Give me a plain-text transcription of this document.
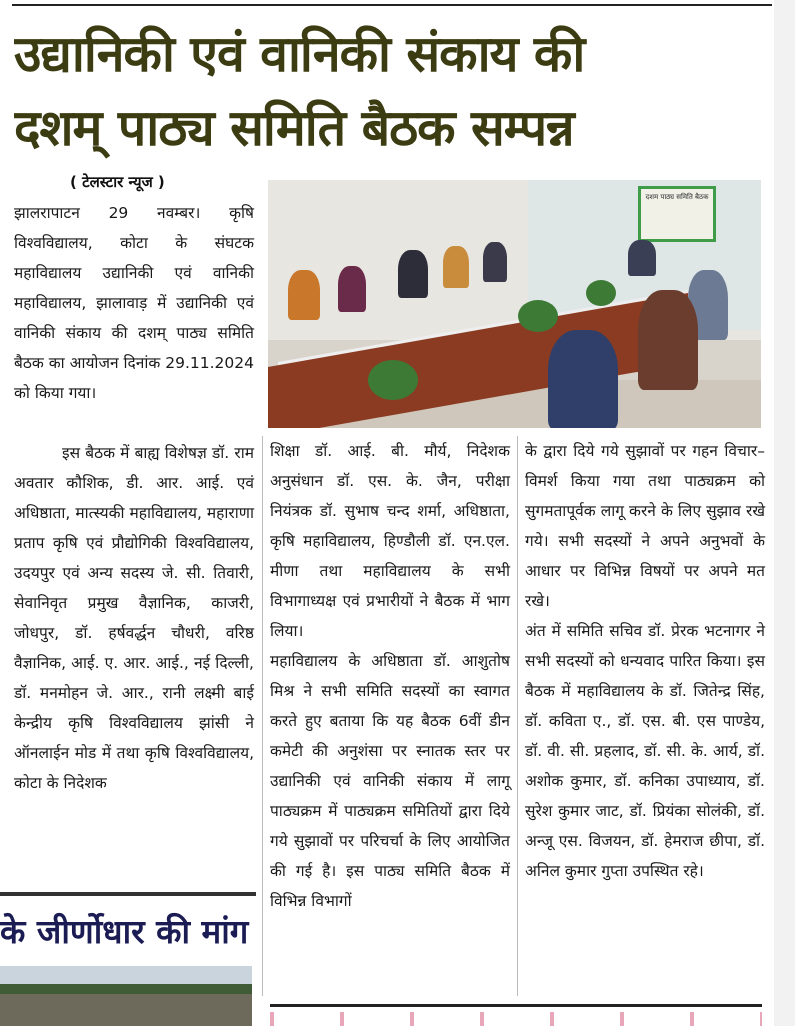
उद्यानिकी एवं वानिकी संकाय की
दशम् पाठ्य समिति बैठक सम्पन्न
( टेलस्टार न्यूज )

झालरापाटन 29 नवम्बर। कृषि विश्वविद्यालय, कोटा के संघटक महाविद्यालय उद्यानिकी एवं वानिकी महाविद्यालय, झालावाड़ में उद्यानिकी एवं वानिकी संकाय की दशम् पाठ्य समिति बैठक का आयोजन दिनांक 29.11.2024 को किया गया।

दशम पाठ्य समिति बैठक

इस बैठक में बाह्य विशेषज्ञ डॉ. राम अवतार कौशिक, डी. आर. आई. एवं अधिष्ठाता, मात्स्यकी महाविद्यालय, महाराणा प्रताप कृषि एवं प्रौद्योगिकी विश्वविद्यालय, उदयपुर एवं अन्य सदस्य जे. सी. तिवारी, सेवानिवृत प्रमुख वैज्ञानिक, काजरी, जोधपुर, डॉ. हर्षवर्द्धन चौधरी, वरिष्ठ वैज्ञानिक, आई. ए. आर. आई., नई दिल्ली, डॉ. मनमोहन जे. आर., रानी लक्ष्मी बाई केन्द्रीय कृषि विश्वविद्यालय झांसी ने ऑनलाईन मोड में तथा कृषि विश्वविद्यालय, कोटा के निदेशक

शिक्षा डॉ. आई. बी. मौर्य, निदेशक अनुसंधान डॉ. एस. के. जैन, परीक्षा नियंत्रक डॉ. सुभाष चन्द शर्मा, अधिष्ठाता, कृषि महाविद्यालय, हिण्डौली डॉ. एन.एल. मीणा तथा महाविद्यालय के सभी विभागाध्यक्ष एवं प्रभारीयों ने बैठक में भाग लिया।

महाविद्यालय के अधिष्ठाता डॉ. आशुतोष मिश्र ने सभी समिति सदस्यों का स्वागत करते हुए बताया कि यह बैठक 6वीं डीन कमेटी की अनुशंसा पर स्नातक स्तर पर उद्यानिकी एवं वानिकी संकाय में लागू पाठ्यक्रम में पाठ्यक्रम समितियों द्वारा दिये गये सुझावों पर परिचर्चा के लिए आयोजित की गई है। इस पाठ्य समिति बैठक में विभिन्न विभागों

के द्वारा दिये गये सुझावों पर गहन विचार–विमर्श किया गया तथा पाठ्यक्रम को सुगमतापूर्वक लागू करने के लिए सुझाव रखे गये। सभी सदस्यों ने अपने अनुभवों के आधार पर विभिन्न विषयों पर अपने मत रखे।

अंत में समिति सचिव डॉ. प्रेरक भटनागर ने सभी सदस्यों को धन्यवाद पारित किया। इस बैठक में महाविद्यालय के डॉ. जितेन्द्र सिंह, डॉ. कविता ए., डॉ. एस. बी. एस पाण्डेय, डॉ. वी. सी. प्रहलाद, डॉ. सी. के. आर्य, डॉ. अशोक कुमार, डॉ. कनिका उपाध्याय, डॉ. सुरेश कुमार जाट, डॉ. प्रियंका सोलंकी, डॉ. अन्जू एस. विजयन, डॉ. हेमराज छीपा, डॉ. अनिल कुमार गुप्ता उपस्थित रहे।

के जीर्णोधार की मांग
